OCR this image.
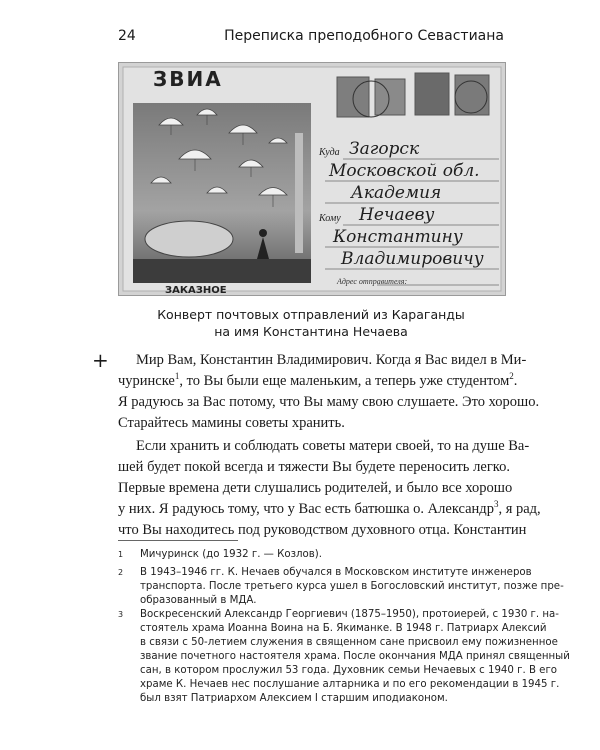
24	Переписка преподобного Севастиана
ЗВИА
ЗАКАЗНОЕ
Куда Загорск
Московской обл.
Академия
Кому Нечаеву
Константину
Владимировичу
Адрес отправителя:
Конверт почтовых отправлений из Караганды
на имя Константина Нечаева
+	Мир Вам, Константин Владимирович. Когда я Вас видел в Ми-
чуринске$^1$, то Вы были еще маленьким, а теперь уже студентом$^2$.
Я радуюсь за Вас потому, что Вы маму свою слушаете. Это хорошо.
Старайтесь мамины советы хранить.
Если хранить и соблюдать советы матери своей, то на душе Ва-
шей будет покой всегда и тяжести Вы будете переносить легко.
Первые времена дети слушались родителей, и было все хорошо
у них. Я радуюсь тому, что у Вас есть батюшка о. Александр$^3$, я рад,
что Вы находитесь под руководством духовного отца. Константин
1 Мичуринск (до 1932 г. — Козлов).
2 В 1943–1946 гг. К. Нечаев обучался в Московском институте инженеров
транспорта. После третьего курса ушел в Богословский институт, позже пре-
образованный в МДА.
3 Воскресенский Александр Георгиевич (1875–1950), протоиерей, с 1930 г. на-
стоятель храма Иоанна Воина на Б. Якиманке. В 1948 г. Патриарх Алексий
в связи с 50-летием служения в священном сане присвоил ему пожизненное
звание почетного настоятеля храма. После окончания МДА принял священный
сан, в котором прослужил 53 года. Духовник семьи Нечаевых с 1940 г. В его
храме К. Нечаев нес послушание алтарника и по его рекомендации в 1945 г.
был взят Патриархом Алексием I старшим иподиаконом.
